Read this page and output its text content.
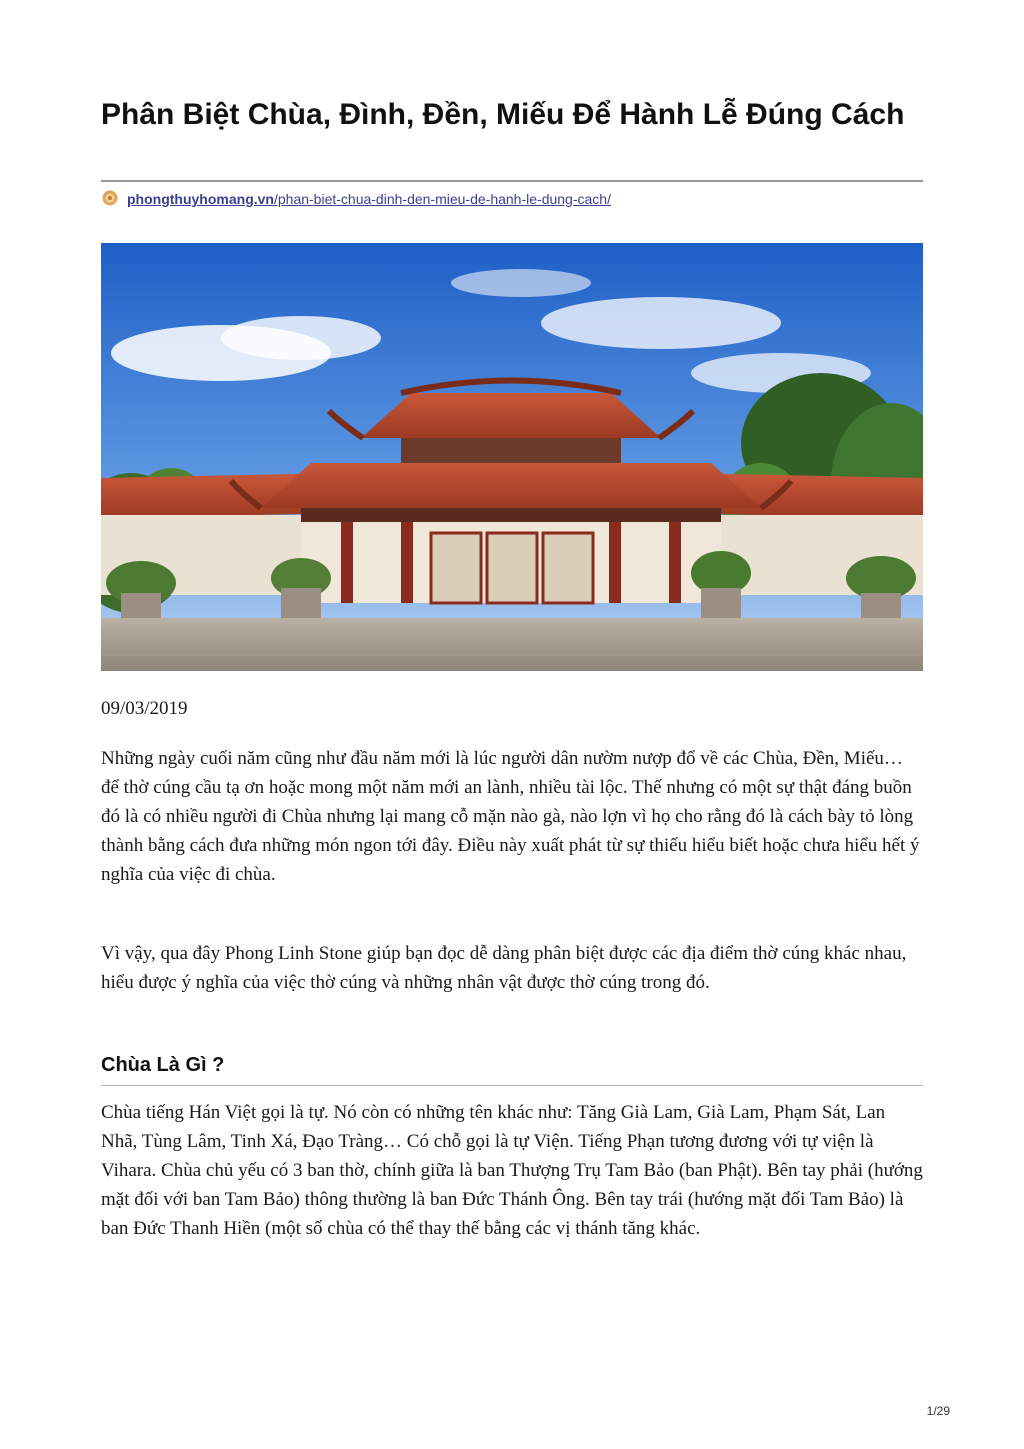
Phân Biệt Chùa, Đình, Đền, Miếu Để Hành Lễ Đúng Cách
phongthuyhomang.vn/phan-biet-chua-dinh-den-mieu-de-hanh-le-dung-cach/
09/03/2019

Những ngày cuối năm cũng như đầu năm mới là lúc người dân nườm nượp đổ về các Chùa, Đền, Miếu… để thờ cúng cầu tạ ơn hoặc mong một năm mới an lành, nhiều tài lộc. Thế nhưng có một sự thật đáng buồn đó là có nhiều người đi Chùa nhưng lại mang cỗ mặn nào gà, nào lợn vì họ cho rằng đó là cách bày tỏ lòng thành bằng cách đưa những món ngon tới đây. Điều này xuất phát từ sự thiếu hiểu biết hoặc chưa hiểu hết ý nghĩa của việc đi chùa.

Vì vậy, qua đây Phong Linh Stone giúp bạn đọc dễ dàng phân biệt được các địa điểm thờ cúng khác nhau, hiểu được ý nghĩa của việc thờ cúng và những nhân vật được thờ cúng trong đó.

Chùa Là Gì ?

Chùa tiếng Hán Việt gọi là tự. Nó còn có những tên khác như: Tăng Già Lam, Già Lam, Phạm Sát, Lan Nhã, Tùng Lâm, Tinh Xá, Đạo Tràng… Có chỗ gọi là tự Viện. Tiếng Phạn tương đương với tự viện là Vihara. Chùa chủ yếu có 3 ban thờ, chính giữa là ban Thượng Trụ Tam Bảo (ban Phật). Bên tay phải (hướng mặt đối với ban Tam Bảo) thông thường là ban Đức Thánh Ông. Bên tay trái (hướng mặt đối Tam Bảo) là ban Đức Thanh Hiền (một số chùa có thể thay thế bằng các vị thánh tăng khác.

1/29
